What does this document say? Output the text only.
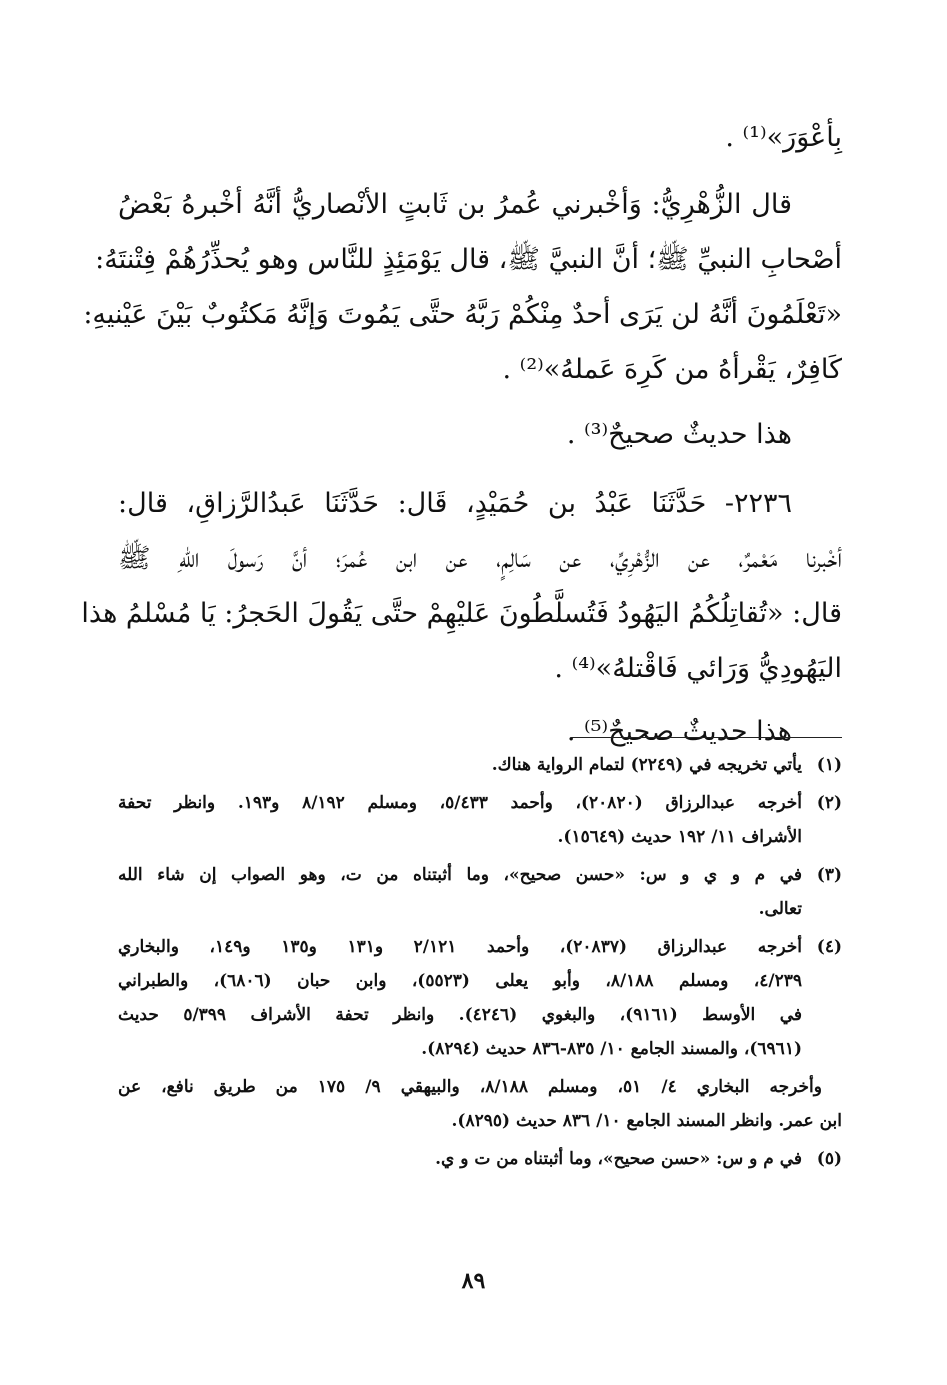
بِأعْوَرَ»⁽¹⁾ .
قال الزُّهْرِيُّ: وَأخْبرني عُمرُ بن ثَابتٍ الأنْصاريُّ أنَّهُ أخْبرهُ بَعْضُ
أصْحابِ النبيِّ ﷺ؛ أنَّ النبيَّ ﷺ، قال يَوْمَئِذٍ للنَّاس وهو يُحذِّرُهُمْ فِتْنتَهُ:
«تَعْلَمُونَ أنَّهُ لن يَرَى أحدٌ مِنْكُمْ رَبَّهُ حتَّى يَمُوتَ وَإنَّهُ مَكتُوبٌ بَيْنَ عَيْنيهِ:
كَافِرٌ، يَقْرأهُ من كَرِهَ عَملهُ»⁽²⁾ .
هذا حديثٌ صحيحٌ⁽³⁾ .
٢٢٣٦- حَدَّثَنَا عَبْدُ بن حُمَيْدٍ، قَال: حَدَّثَنَا عَبدُالرَّزاقِ، قال:
أخْبرنا مَعْمرٌ، عن الزُّهْرِيِّ، عن سَالِمٍ، عن ابن عُمرَ؛ أنَّ رَسولَ اللهِ ﷺ
قال: «تُقاتِلُكُمُ اليَهُودُ فَتُسلَّطُونَ عَليْهِمْ حتَّى يَقُولَ الحَجرُ: يَا مُسْلمُ هذا
اليَهُودِيُّ وَرَائي فَاقْتلهُ»⁽⁴⁾ .
هذا حديثٌ صحيحٌ⁽⁵⁾ .
(١)
يأتي تخريجه في (٢٢٤٩) لتمام الرواية هناك.
(٢)
أخرجه عبدالرزاق (٢٠٨٢٠)، وأحمد ٥/٤٣٣، ومسلم ٨/١٩٢ و١٩٣. وانظر تحفة
الأشراف ١١/ ١٩٢ حديث (١٥٦٤٩).
(٣)
في م و ي و س: «حسن صحيح»، وما أثبتناه من ت، وهو الصواب إن شاء الله
تعالى.
(٤)
أخرجه عبدالرزاق (٢٠٨٣٧)، وأحمد ٢/١٢١ و١٣١ و١٣٥ و١٤٩، والبخاري
٤/٢٣٩، ومسلم ٨/١٨٨، وأبو يعلى (٥٥٢٣)، وابن حبان (٦٨٠٦)، والطبراني
في الأوسط (٩١٦١)، والبغوي (٤٢٤٦). وانظر تحفة الأشراف ٥/٣٩٩ حديث
(٦٩٦١)، والمسند الجامع ١٠/ ٨٣٥-٨٣٦ حديث (٨٢٩٤).
وأخرجه البخاري ٤/ ٥١، ومسلم ٨/١٨٨، والبيهقي ٩/ ١٧٥ من طريق نافع، عن
ابن عمر. وانظر المسند الجامع ١٠/ ٨٣٦ حديث (٨٢٩٥).
(٥)
في م و س: «حسن صحيح»، وما أثبتناه من ت و ي.
٨٩
